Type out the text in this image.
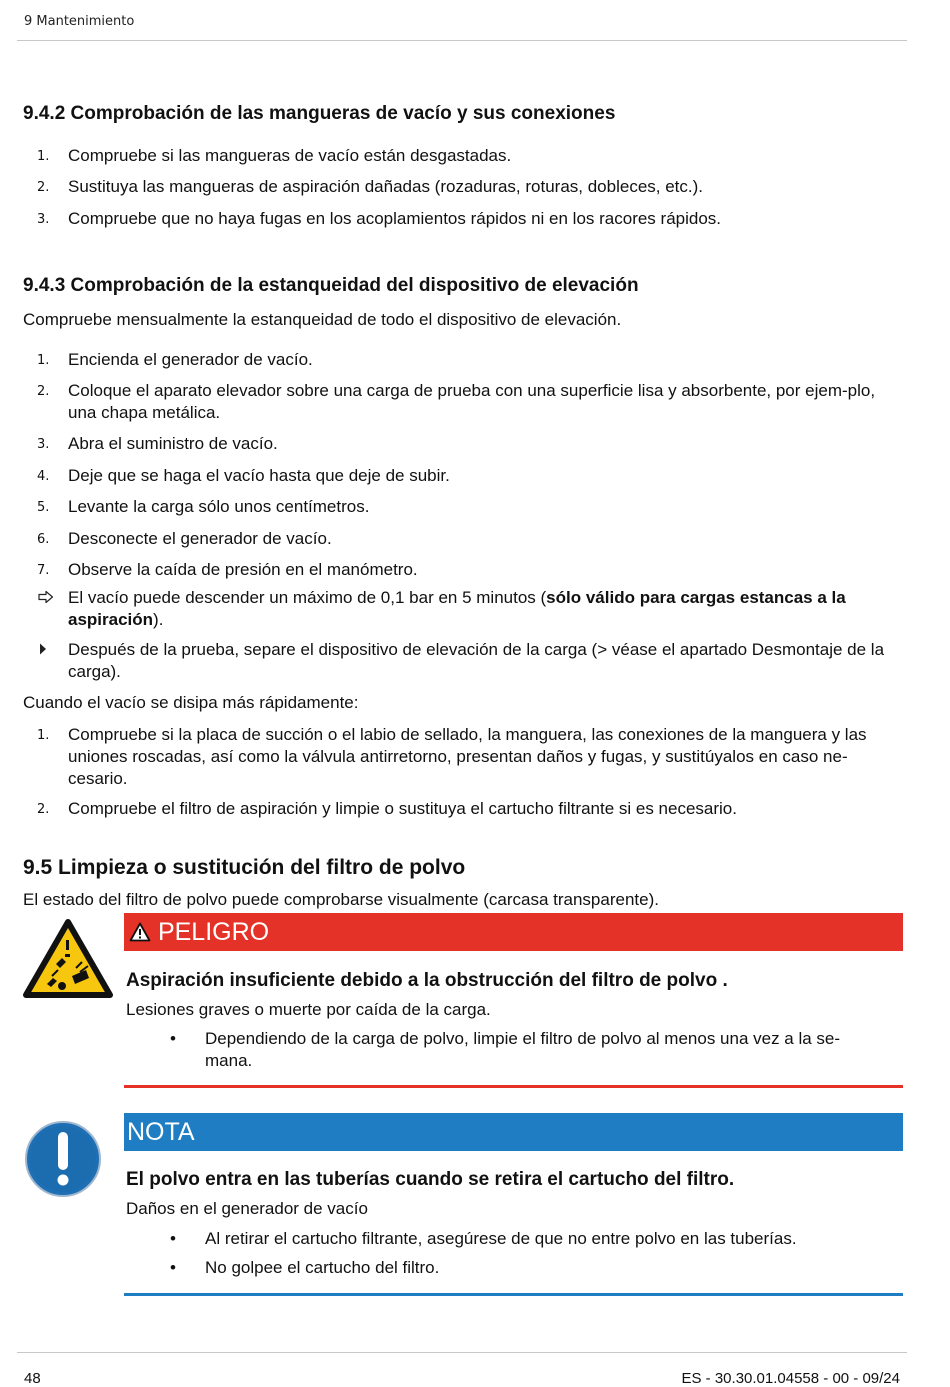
9 Mantenimiento
9.4.2 Comprobación de las mangueras de vacío y sus conexiones
1.	Compruebe si las mangueras de vacío están desgastadas.
2.	Sustituya las mangueras de aspiración dañadas (rozaduras, roturas, dobleces, etc.).
3.	Compruebe que no haya fugas en los acoplamientos rápidos ni en los racores rápidos.
9.4.3 Comprobación de la estanqueidad del dispositivo de elevación
Compruebe mensualmente la estanqueidad de todo el dispositivo de elevación.
1.	Encienda el generador de vacío.
2.	Coloque el aparato elevador sobre una carga de prueba con una superficie lisa y absorbente, por ejem-plo, una chapa metálica.
3.	Abra el suministro de vacío.
4.	Deje que se haga el vacío hasta que deje de subir.
5.	Levante la carga sólo unos centímetros.
6.	Desconecte el generador de vacío.
7.	Observe la caída de presión en el manómetro.
El vacío puede descender un máximo de 0,1 bar en 5 minutos (sólo válido para cargas estancas a la aspiración).
Después de la prueba, separe el dispositivo de elevación de la carga (> véase el apartado Desmontaje de la carga).
Cuando el vacío se disipa más rápidamente:
1.	Compruebe si la placa de succión o el labio de sellado, la manguera, las conexiones de la manguera y las uniones roscadas, así como la válvula antirretorno, presentan daños y fugas, y sustitúyalos en caso ne-cesario.
2.	Compruebe el filtro de aspiración y limpie o sustituya el cartucho filtrante si es necesario.
9.5 Limpieza o sustitución del filtro de polvo
El estado del filtro de polvo puede comprobarse visualmente (carcasa transparente).
PELIGRO
Aspiración insuficiente debido a la obstrucción del filtro de polvo .
Lesiones graves o muerte por caída de la carga.
•	Dependiendo de la carga de polvo, limpie el filtro de polvo al menos una vez a la se-mana.
NOTA
El polvo entra en las tuberías cuando se retira el cartucho del filtro.
Daños en el generador de vacío
•	Al retirar el cartucho filtrante, asegúrese de que no entre polvo en las tuberías.
•	No golpee el cartucho del filtro.
48	ES - 30.30.01.04558 - 00 - 09/24
